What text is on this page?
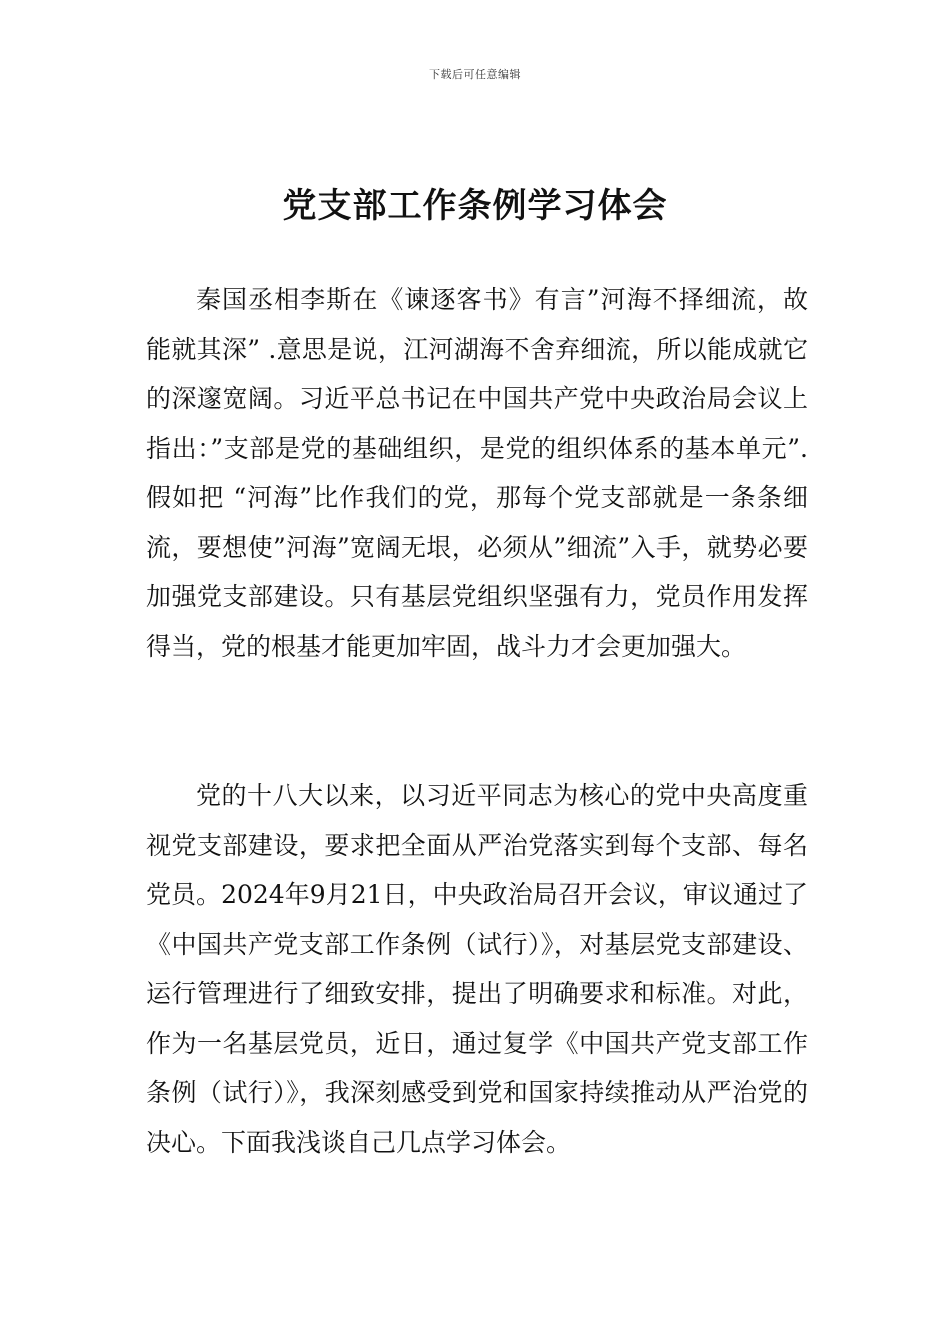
下载后可任意编辑
党支部工作条例学习体会

秦国丞相李斯在《谏逐客书》有言”河海不择细流，故能就其深” .意思是说，江河湖海不舍弃细流，所以能成就它的深邃宽阔。习近平总书记在中国共产党中央政治局会议上指出：”支部是党的基础组织，是党的组织体系的基本单元”.假如把 “河海”比作我们的党，那每个党支部就是一条条细流，要想使”河海”宽阔无垠，必须从”细流”入手，就势必要加强党支部建设。只有基层党组织坚强有力，党员作用发挥得当，党的根基才能更加牢固，战斗力才会更加强大。

党的十八大以来，以习近平同志为核心的党中央高度重视党支部建设，要求把全面从严治党落实到每个支部、每名党员。2024年9月21日，中央政治局召开会议，审议通过了《中国共产党支部工作条例（试行）》，对基层党支部建设、运行管理进行了细致安排，提出了明确要求和标准。对此，作为一名基层党员，近日，通过复学《中国共产党支部工作条例（试行）》，我深刻感受到党和国家持续推动从严治党的决心。下面我浅谈自己几点学习体会。
